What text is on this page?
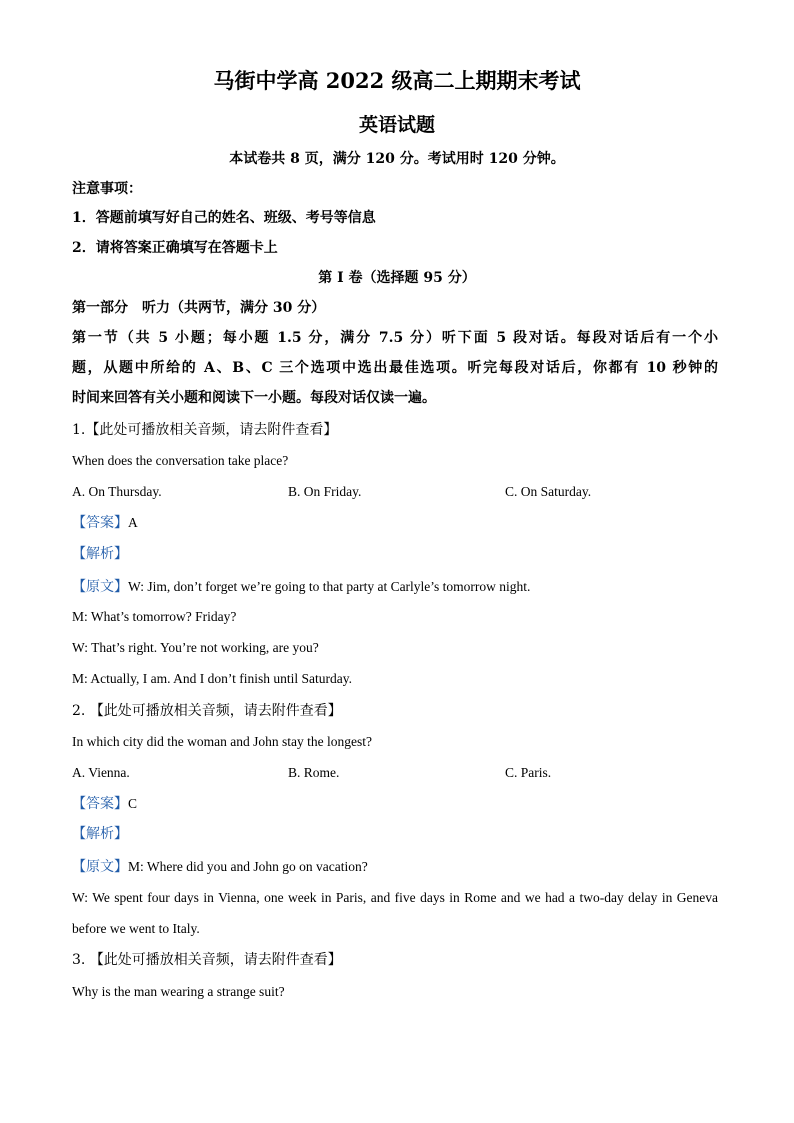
马街中学高 2022 级高二上期期末考试
英语试题
本试卷共 8 页，满分 120 分。考试用时 120 分钟。
注意事项：
1．答题前填写好自己的姓名、班级、考号等信息
2．请将答案正确填写在答题卡上
第 I 卷（选择题 95 分）
第一部分　听力（共两节，满分 30 分）
第一节（共 5 小题；每小题 1.5 分，满分 7.5 分）听下面 5 段对话。每段对话后有一个小
题，从题中所给的 A、B、C 三个选项中选出最佳选项。听完每段对话后，你都有 10 秒钟的
时间来回答有关小题和阅读下一小题。每段对话仅读一遍。
1.【此处可播放相关音频，请去附件查看】
When does the conversation take place?
A. On Thursday.	B. On Friday.	C. On Saturday.
【答案】A
【解析】
【原文】W: Jim, don’t forget we’re going to that party at Carlyle’s tomorrow night.
M: What’s tomorrow? Friday?
W: That’s right. You’re not working, are you?
M: Actually, I am. And I don’t finish until Saturday.
2. 【此处可播放相关音频，请去附件查看】
In which city did the woman and John stay the longest?
A. Vienna.	B. Rome.	C. Paris.
【答案】C
【解析】
【原文】M: Where did you and John go on vacation?
W: We spent four days in Vienna, one week in Paris, and five days in Rome and we had a two-day delay in Geneva
before we went to Italy.
3. 【此处可播放相关音频，请去附件查看】
Why is the man wearing a strange suit?
